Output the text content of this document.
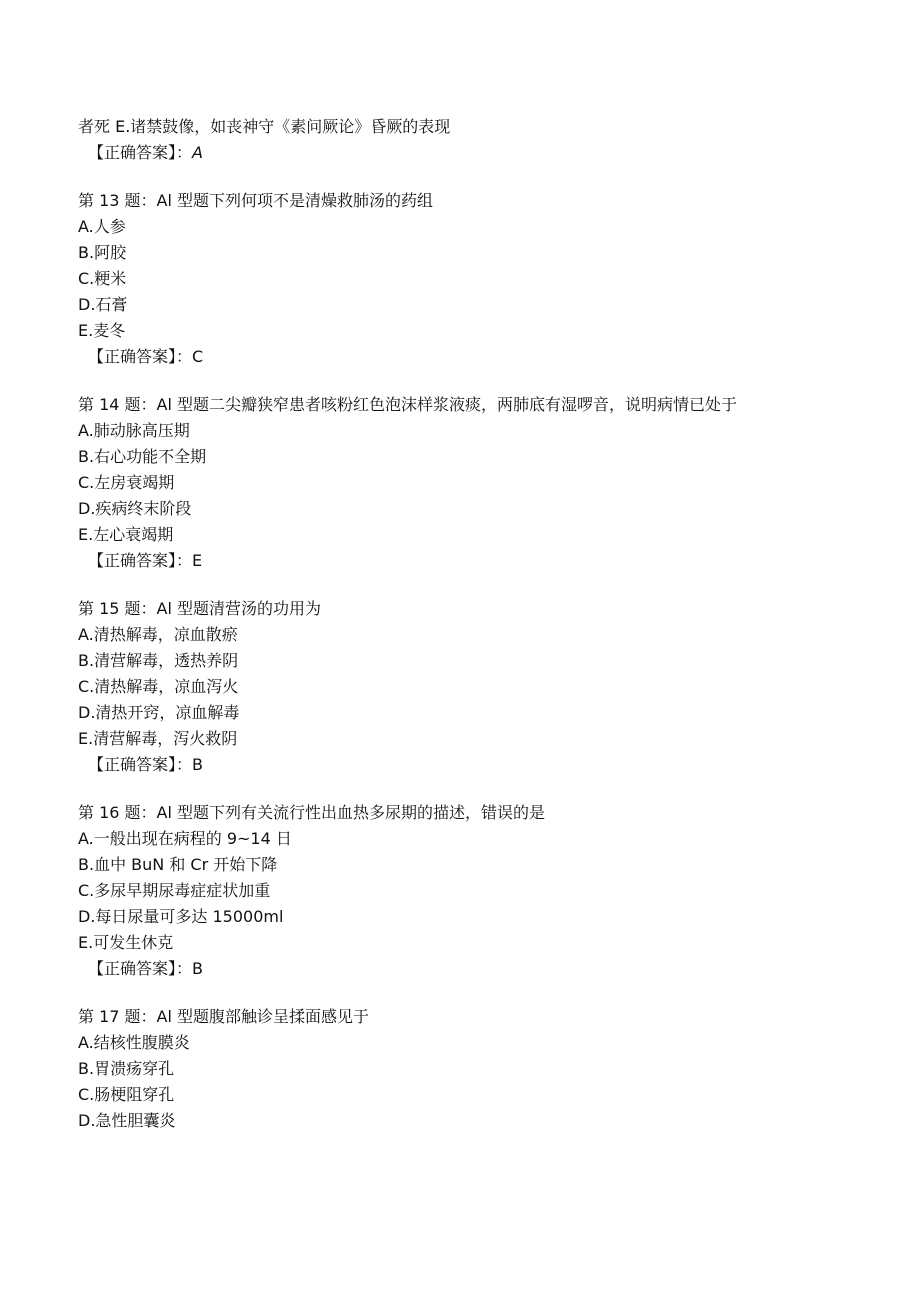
者死 E.诸禁鼓像，如丧神守《素问厥论》昏厥的表现
【正确答案】：A
第 13 题：Al 型题下列何项不是清燥救肺汤的药组
A.人参
B.阿胶
C.粳米
D.石膏
E.麦冬
【正确答案】：C
第 14 题：Al 型题二尖瓣狭窄患者咳粉红色泡沫样浆液痰，两肺底有湿啰音，说明病情已处于
A.肺动脉高压期
B.右心功能不全期
C.左房衰竭期
D.疾病终末阶段
E.左心衰竭期
【正确答案】：E
第 15 题：Al 型题清营汤的功用为
A.清热解毒，凉血散瘀
B.清营解毒，透热养阴
C.清热解毒，凉血泻火
D.清热开窍，凉血解毒
E.清营解毒，泻火救阴
【正确答案】：B
第 16 题：Al 型题下列有关流行性出血热多尿期的描述，错误的是
A.一般出现在病程的 9~14 日
B.血中 BuN 和 Cr 开始下降
C.多尿早期尿毒症症状加重
D.每日尿量可多达 15000ml
E.可发生休克
【正确答案】：B
第 17 题：Al 型题腹部触诊呈揉面感见于
A.结核性腹膜炎
B.胃溃疡穿孔
C.肠梗阻穿孔
D.急性胆囊炎
